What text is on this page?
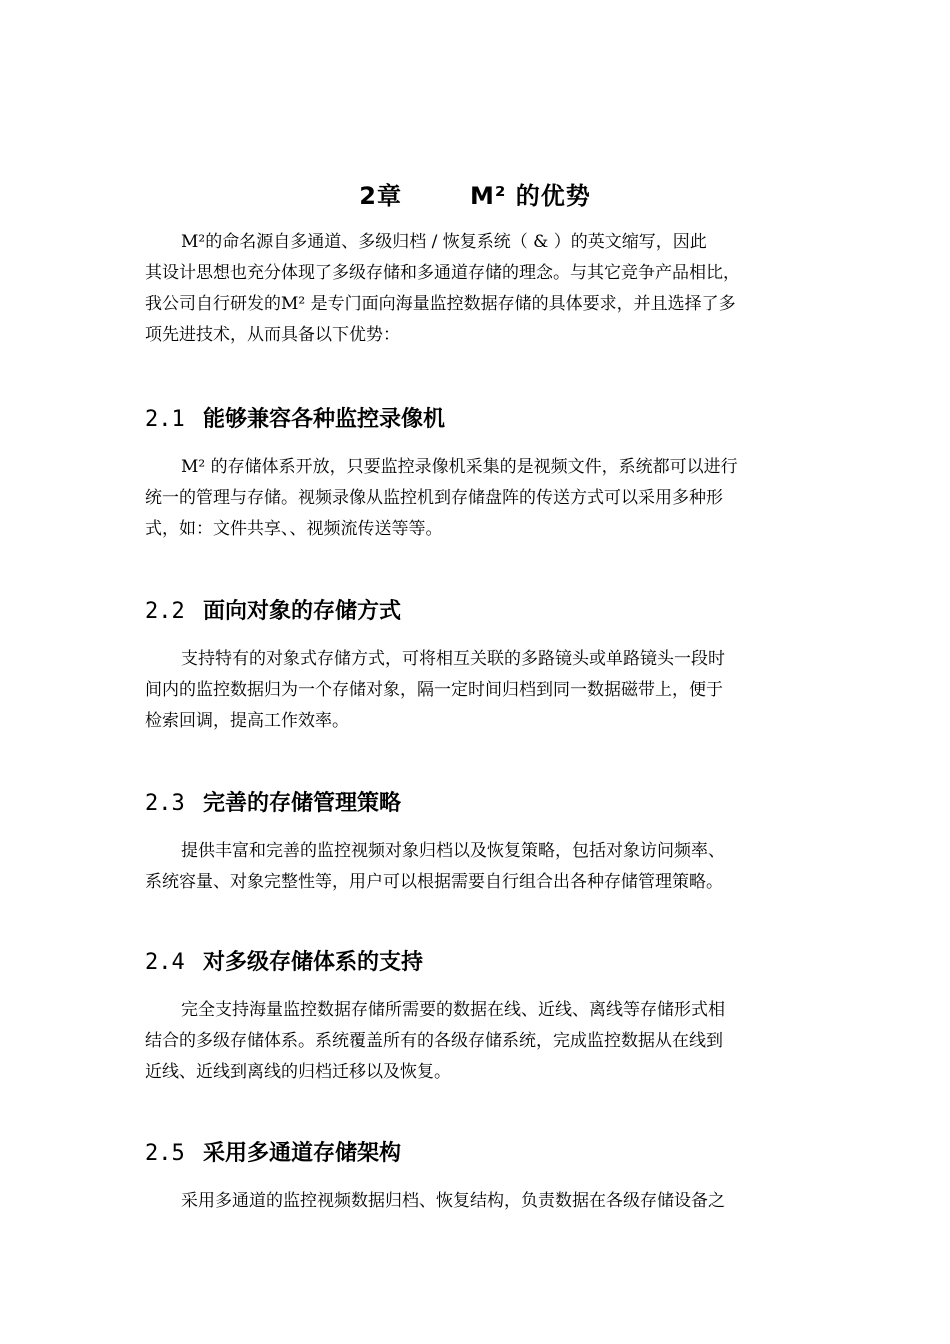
2章	M² 的优势

M²的命名源自多通道、多级归档 / 恢复系统（ & ）的英文缩写，因此
其设计思想也充分体现了多级存储和多通道存储的理念。与其它竞争产品相比，
我公司自行研发的M² 是专门面向海量监控数据存储的具体要求，并且选择了多
项先进技术，从而具备以下优势：

2.1 能够兼容各种监控录像机

M² 的存储体系开放，只要监控录像机采集的是视频文件，系统都可以进行
统一的管理与存储。视频录像从监控机到存储盘阵的传送方式可以采用多种形
式，如：文件共享、、视频流传送等等。

2.2 面向对象的存储方式

支持特有的对象式存储方式，可将相互关联的多路镜头或单路镜头一段时
间内的监控数据归为一个存储对象，隔一定时间归档到同一数据磁带上，便于
检索回调，提高工作效率。

2.3 完善的存储管理策略

提供丰富和完善的监控视频对象归档以及恢复策略，包括对象访问频率、
系统容量、对象完整性等，用户可以根据需要自行组合出各种存储管理策略。

2.4 对多级存储体系的支持

完全支持海量监控数据存储所需要的数据在线、近线、离线等存储形式相
结合的多级存储体系。系统覆盖所有的各级存储系统，完成监控数据从在线到
近线、近线到离线的归档迁移以及恢复。

2.5 采用多通道存储架构

采用多通道的监控视频数据归档、恢复结构，负责数据在各级存储设备之
